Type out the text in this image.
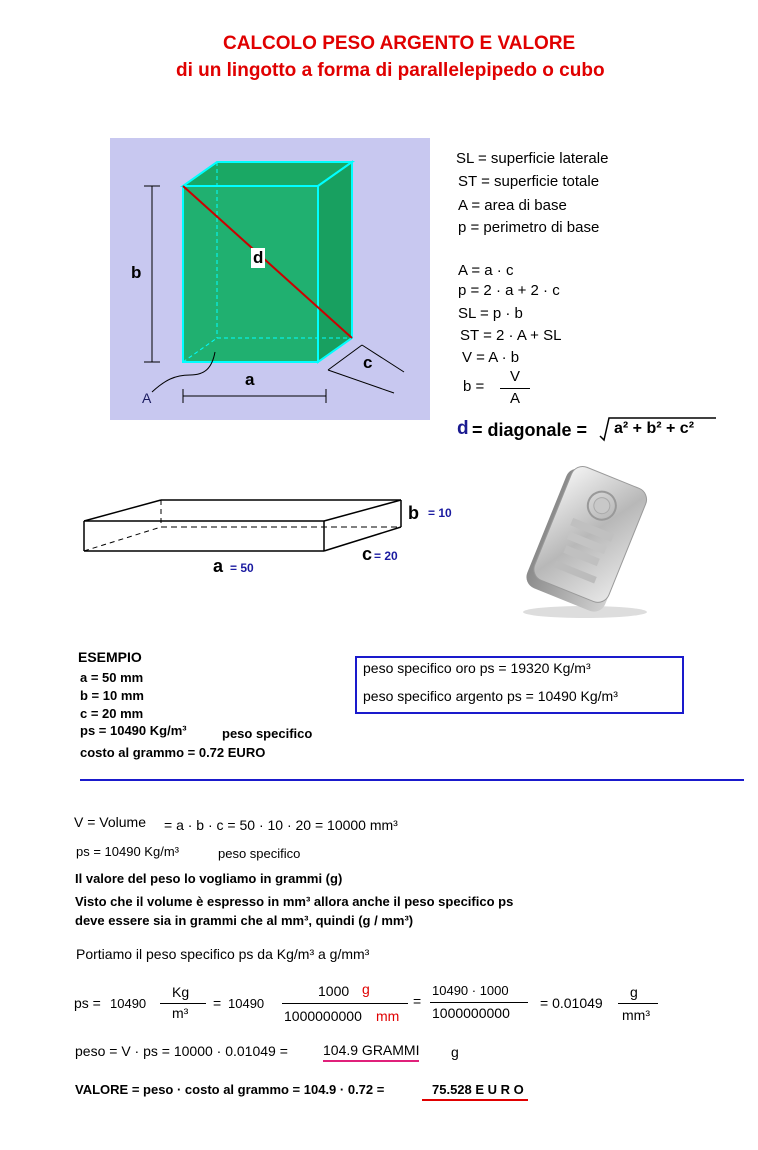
CALCOLO PESO ARGENTO E VALORE
di un lingotto a forma di parallelepipedo o cubo
b
d
c
a
A
SL = superficie laterale
ST = superficie totale
A = area di base
p = perimetro di base
A = a · c
p = 2 · a + 2 · c
SL = p · b
ST = 2 · A + SL
V = A · b
b =
V
A
d = diagonale = a² + b² + c²
b = 10
c = 20
a = 50
ESEMPIO
a = 50 mm
b = 10 mm
c = 20 mm
ps = 10490 Kg/m³	peso specifico
costo al grammo = 0.72 EURO
peso specifico oro ps = 19320 Kg/m³
peso specifico argento ps = 10490 Kg/m³
V = Volume = a · b · c = 50 · 10 · 20 = 10000 mm³
ps = 10490 Kg/m³	peso specifico
Il valore del peso lo vogliamo in grammi (g)
Visto che il volume è espresso in mm³ allora anche il peso specifico ps
deve essere sia in grammi che al mm³, quindi (g / mm³)
Portiamo il peso specifico ps da Kg/m³ a g/mm³
ps = 10490
Kg
m³
= 10490
1000 g
1000000000 mm
=
10490 · 1000
1000000000
= 0.01049
g
mm³
peso = V · ps = 10000 · 0.01049 =	104.9 GRAMMI g
VALORE = peso · costo al grammo = 104.9 · 0.72 =	75.528 E U R O
